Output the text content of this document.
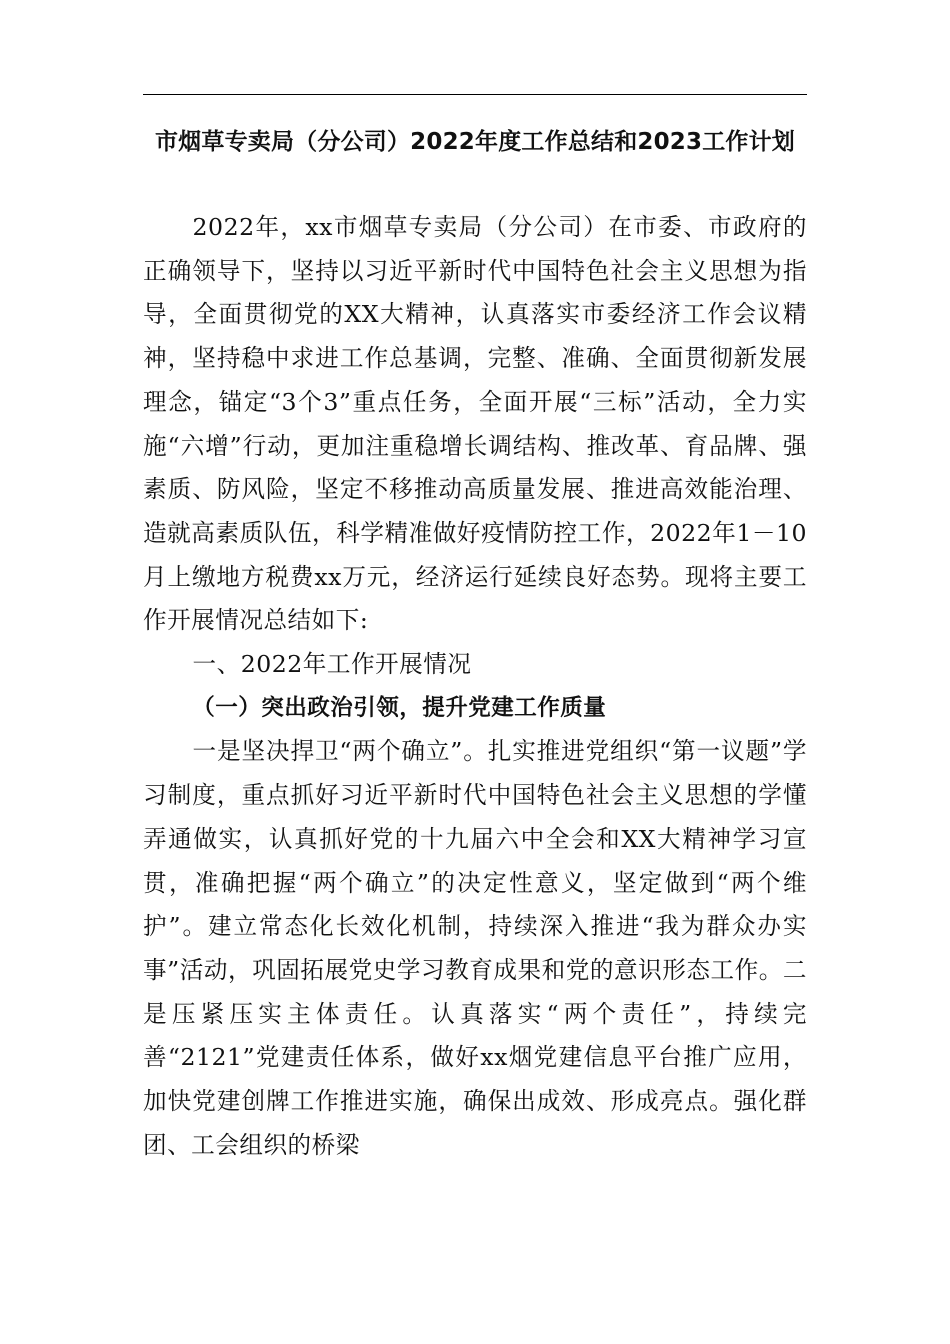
市烟草专卖局（分公司）2022年度工作总结和2023工作计划

2022年，xx市烟草专卖局（分公司）在市委、市政府的正确领导下，坚持以习近平新时代中国特色社会主义思想为指导，全面贯彻党的XX大精神，认真落实市委经济工作会议精神，坚持稳中求进工作总基调，完整、准确、全面贯彻新发展理念，锚定“3个3”重点任务，全面开展“三标”活动，全力实施“六增”行动，更加注重稳增长调结构、推改革、育品牌、强素质、防风险，坚定不移推动高质量发展、推进高效能治理、造就高素质队伍，科学精准做好疫情防控工作，2022年1－10月上缴地方税费xx万元，经济运行延续良好态势。现将主要工作开展情况总结如下:

一、2022年工作开展情况

（一）突出政治引领，提升党建工作质量

一是坚决捍卫“两个确立”。扎实推进党组织“第一议题”学习制度，重点抓好习近平新时代中国特色社会主义思想的学懂弄通做实，认真抓好党的十九届六中全会和XX大精神学习宣贯，准确把握“两个确立”的决定性意义，坚定做到“两个维护”。建立常态化长效化机制，持续深入推进“我为群众办实事”活动，巩固拓展党史学习教育成果和党的意识形态工作。二是压紧压实主体责任。认真落实“两个责任”，持续完善“2121”党建责任体系，做好xx烟党建信息平台推广应用，加快党建创牌工作推进实施，确保出成效、形成亮点。强化群团、工会组织的桥梁
